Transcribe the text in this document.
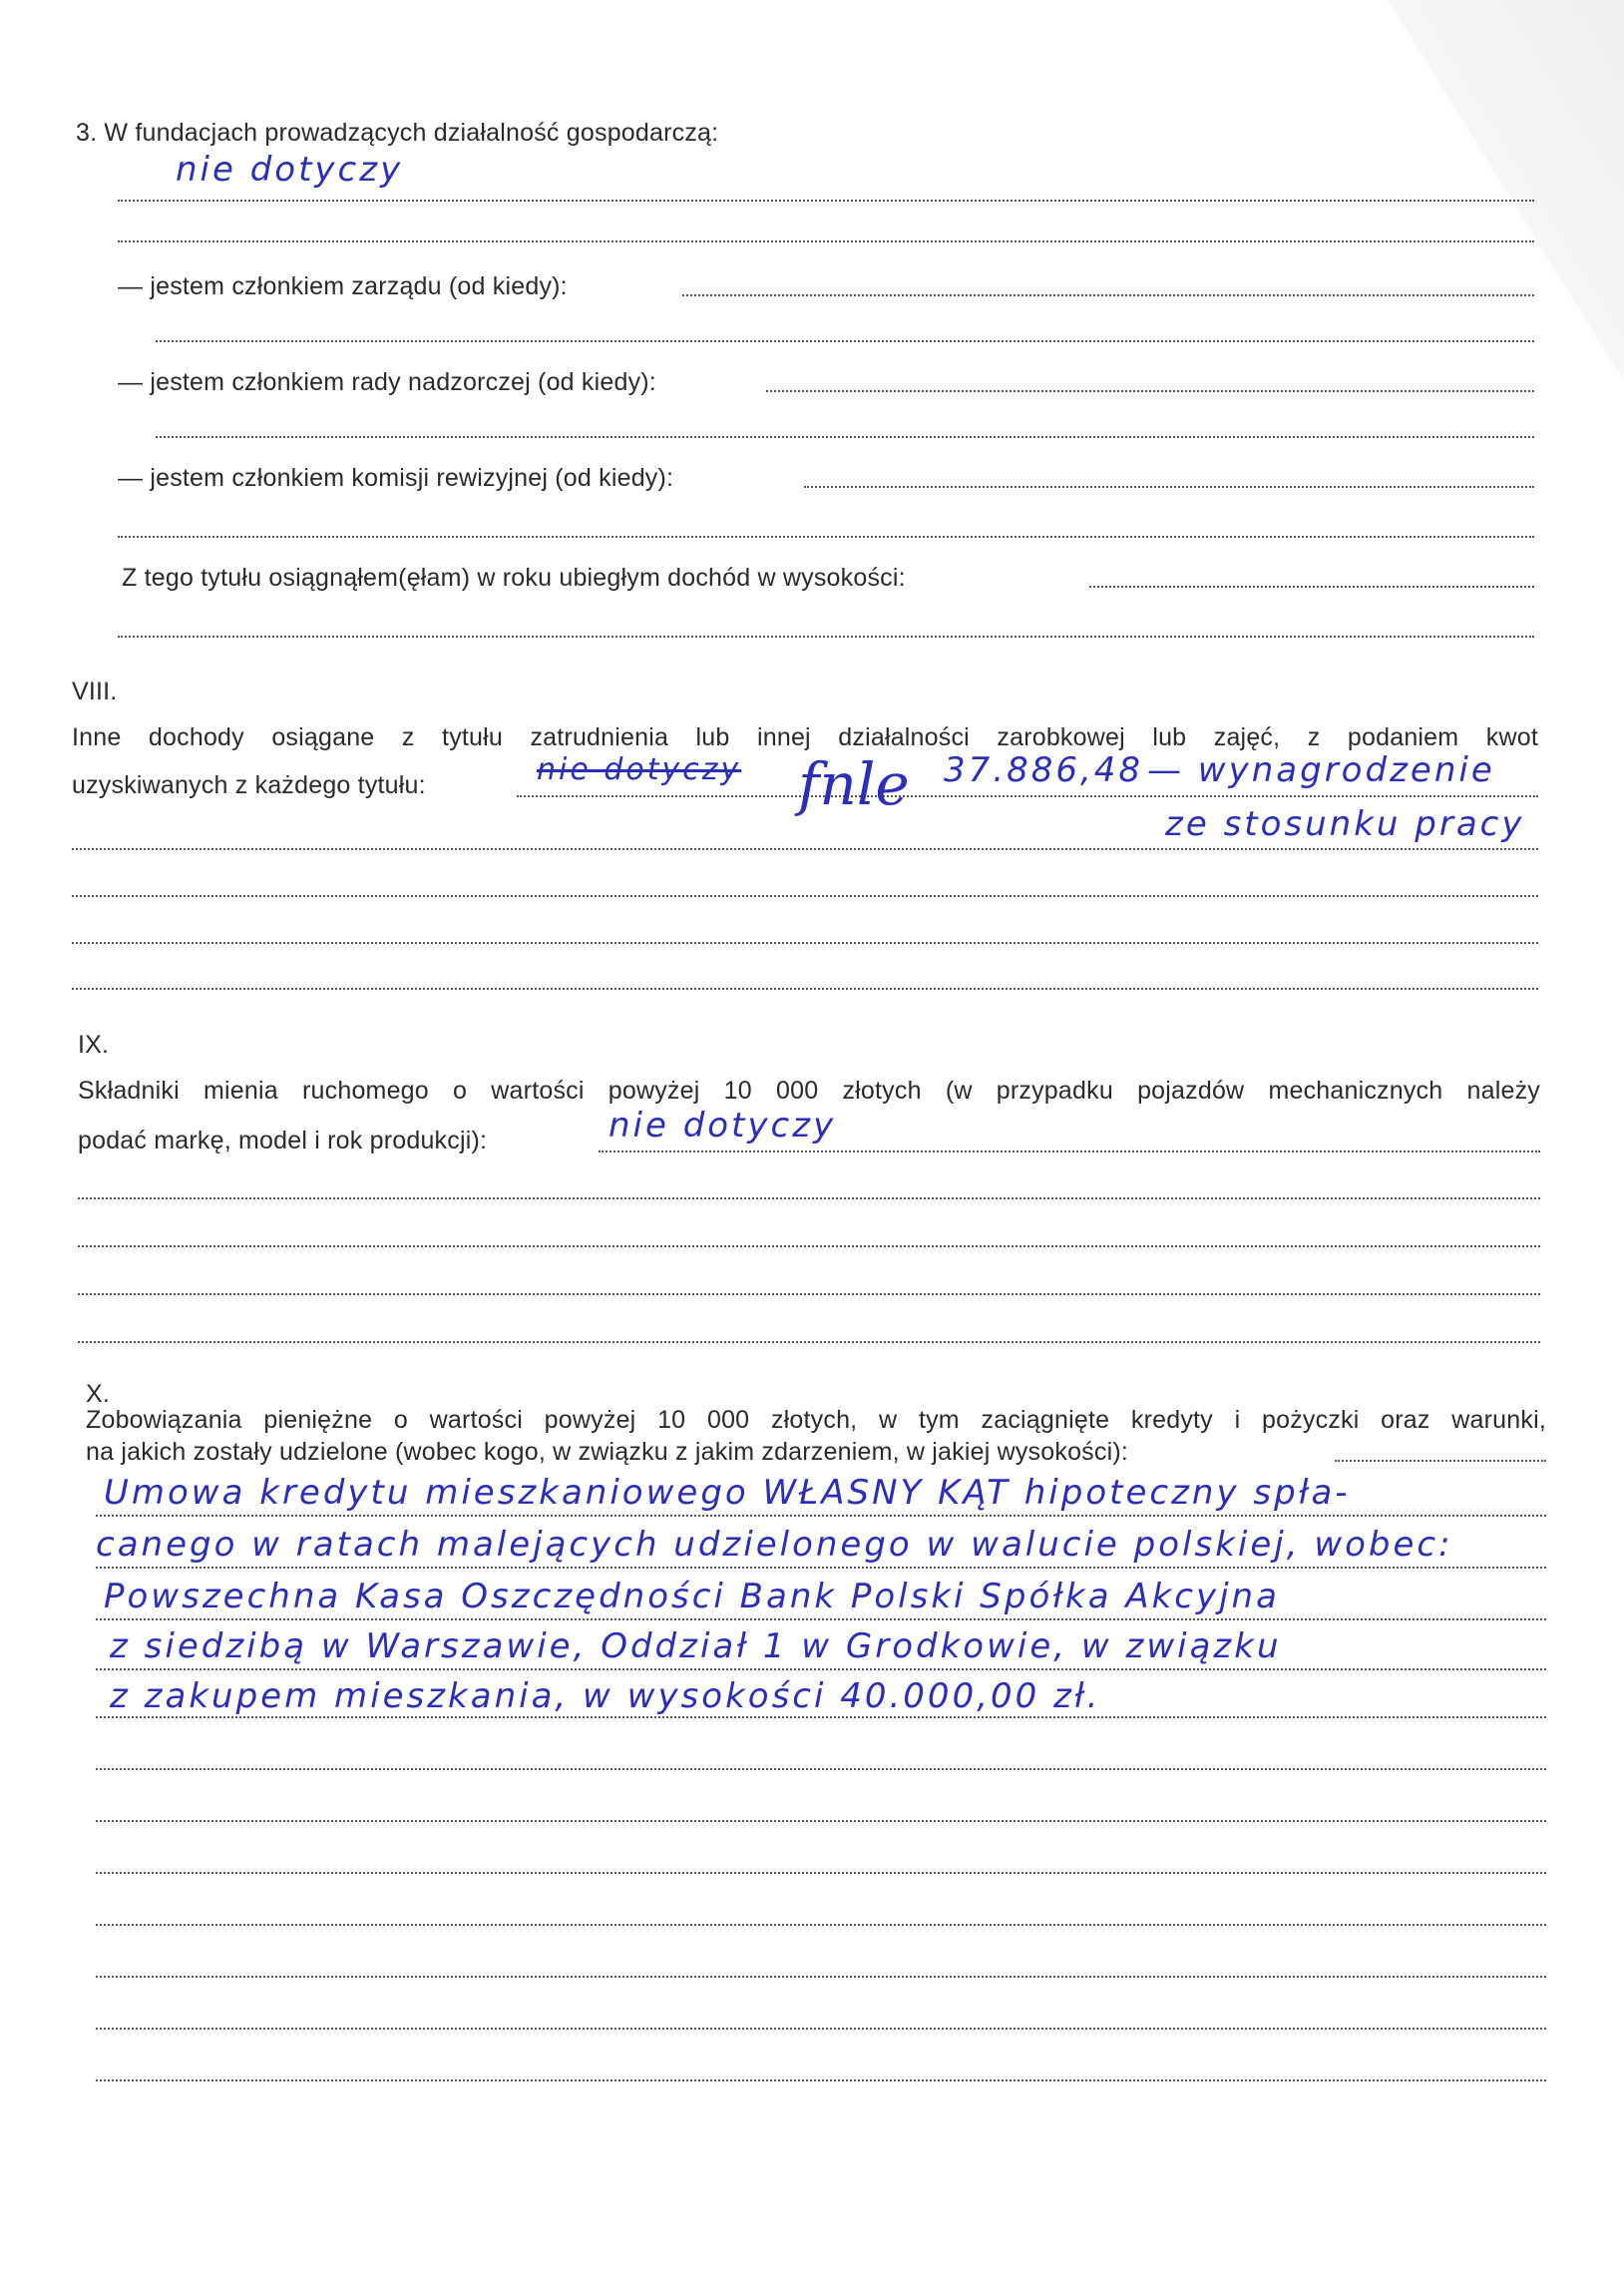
3. W fundacjach prowadzących działalność gospodarczą:
nie dotyczy
— jestem członkiem zarządu (od kiedy):
— jestem członkiem rady nadzorczej (od kiedy):
— jestem członkiem komisji rewizyjnej (od kiedy):
Z tego tytułu osiągnąłem(ęłam) w roku ubiegłym dochód w wysokości:
VIII.
Inne dochody osiągane z tytułu zatrudnienia lub innej działalności zarobkowej lub zajęć, z podaniem kwot
uzyskiwanych z każdego tytułu:	nie dotyczy fnle 37.886,48 — wynagrodzenie
ze stosunku pracy
IX.
Składniki mienia ruchomego o wartości powyżej 10 000 złotych (w przypadku pojazdów mechanicznych należy
podać markę, model i rok produkcji):	nie dotyczy
X.
Zobowiązania pieniężne o wartości powyżej 10 000 złotych, w tym zaciągnięte kredyty i pożyczki oraz warunki,
na jakich zostały udzielone (wobec kogo, w związku z jakim zdarzeniem, w jakiej wysokości):
Umowa kredytu mieszkaniowego WŁASNY KĄT hipoteczny spła-
canego w ratach malejących udzielonego w walucie polskiej, wobec:
Powszechna Kasa Oszczędności Bank Polski Spółka Akcyjna
z siedzibą w Warszawie, Oddział 1 w Grodkowie, w związku
z zakupem mieszkania, w wysokości 40.000,00 zł.
